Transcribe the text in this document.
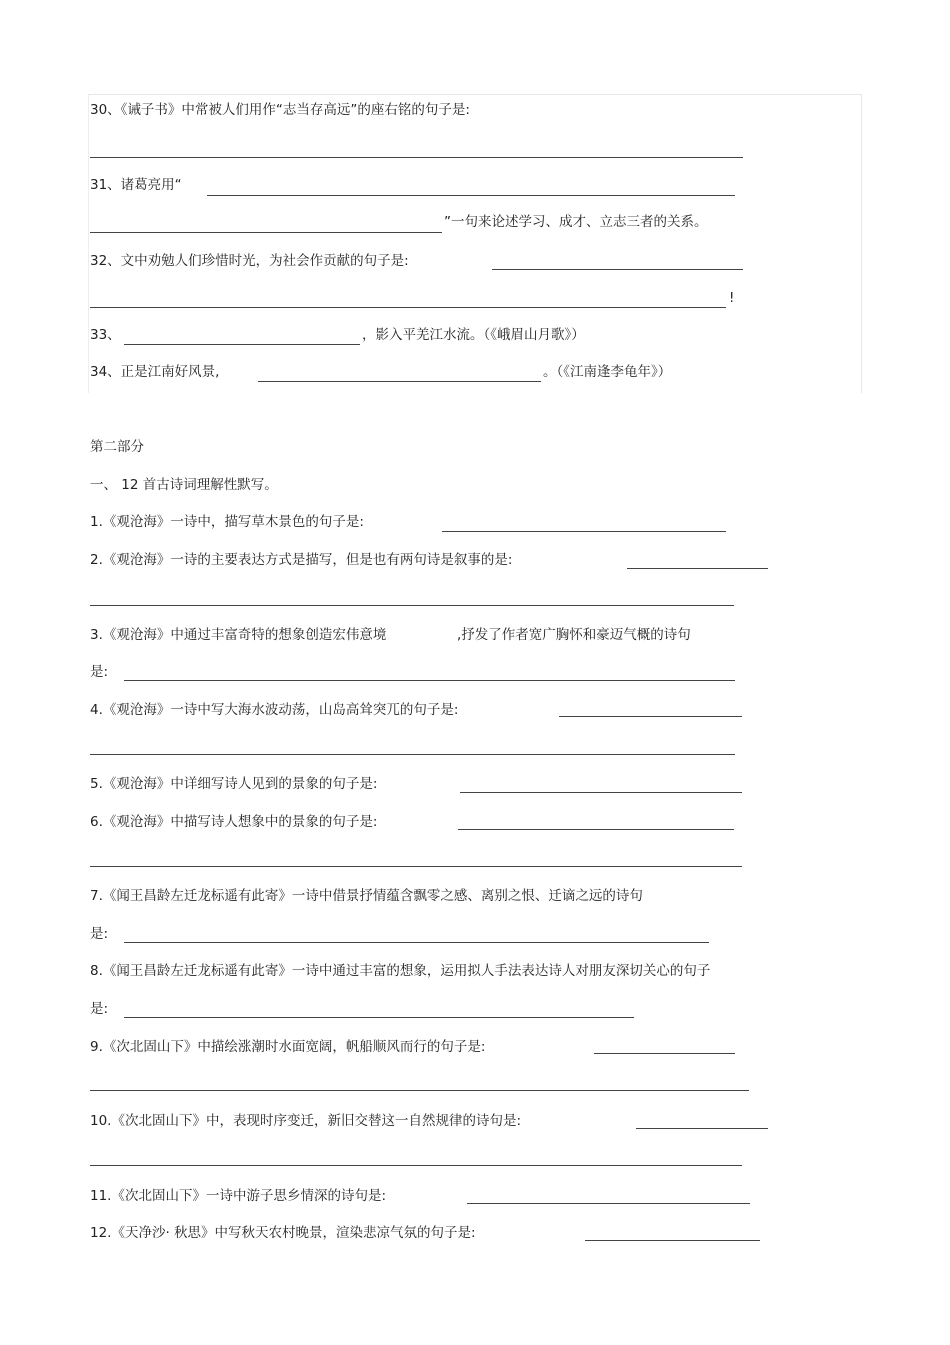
30、《诫子书》中常被人们用作“志当存高远”的座右铭的句子是:
31、诸葛亮用“
”一句来论述学习、成才、立志三者的关系。
32、文中劝勉人们珍惜时光，为社会作贡献的句子是:
!
33、	，影入平羌江水流。（《峨眉山月歌》）
34、正是江南好风景,	。（《江南逢李龟年》）
第二部分
一、 12 首古诗词理解性默写。
1.《观沧海》一诗中，描写草木景色的句子是:
2.《观沧海》一诗的主要表达方式是描写，但是也有两句诗是叙事的是:
3.《观沧海》中通过丰富奇特的想象创造宏伟意境	,抒发了作者宽广胸怀和豪迈气概的诗句
是:
4.《观沧海》一诗中写大海水波动荡，山岛高耸突兀的句子是:
5.《观沧海》中详细写诗人见到的景象的句子是:
6.《观沧海》中描写诗人想象中的景象的句子是:
7.《闻王昌龄左迁龙标遥有此寄》一诗中借景抒情蕴含飘零之感、离别之恨、迁谪之远的诗句
是:
8.《闻王昌龄左迁龙标遥有此寄》一诗中通过丰富的想象，运用拟人手法表达诗人对朋友深切关心的句子
是:
9.《次北固山下》中描绘涨潮时水面宽阔，帆船顺风而行的句子是:
10.《次北固山下》中，表现时序变迁，新旧交替这一自然规律的诗句是:
11.《次北固山下》一诗中游子思乡情深的诗句是:
12.《天净沙· 秋思》中写秋天农村晚景，渲染悲凉气氛的句子是:
